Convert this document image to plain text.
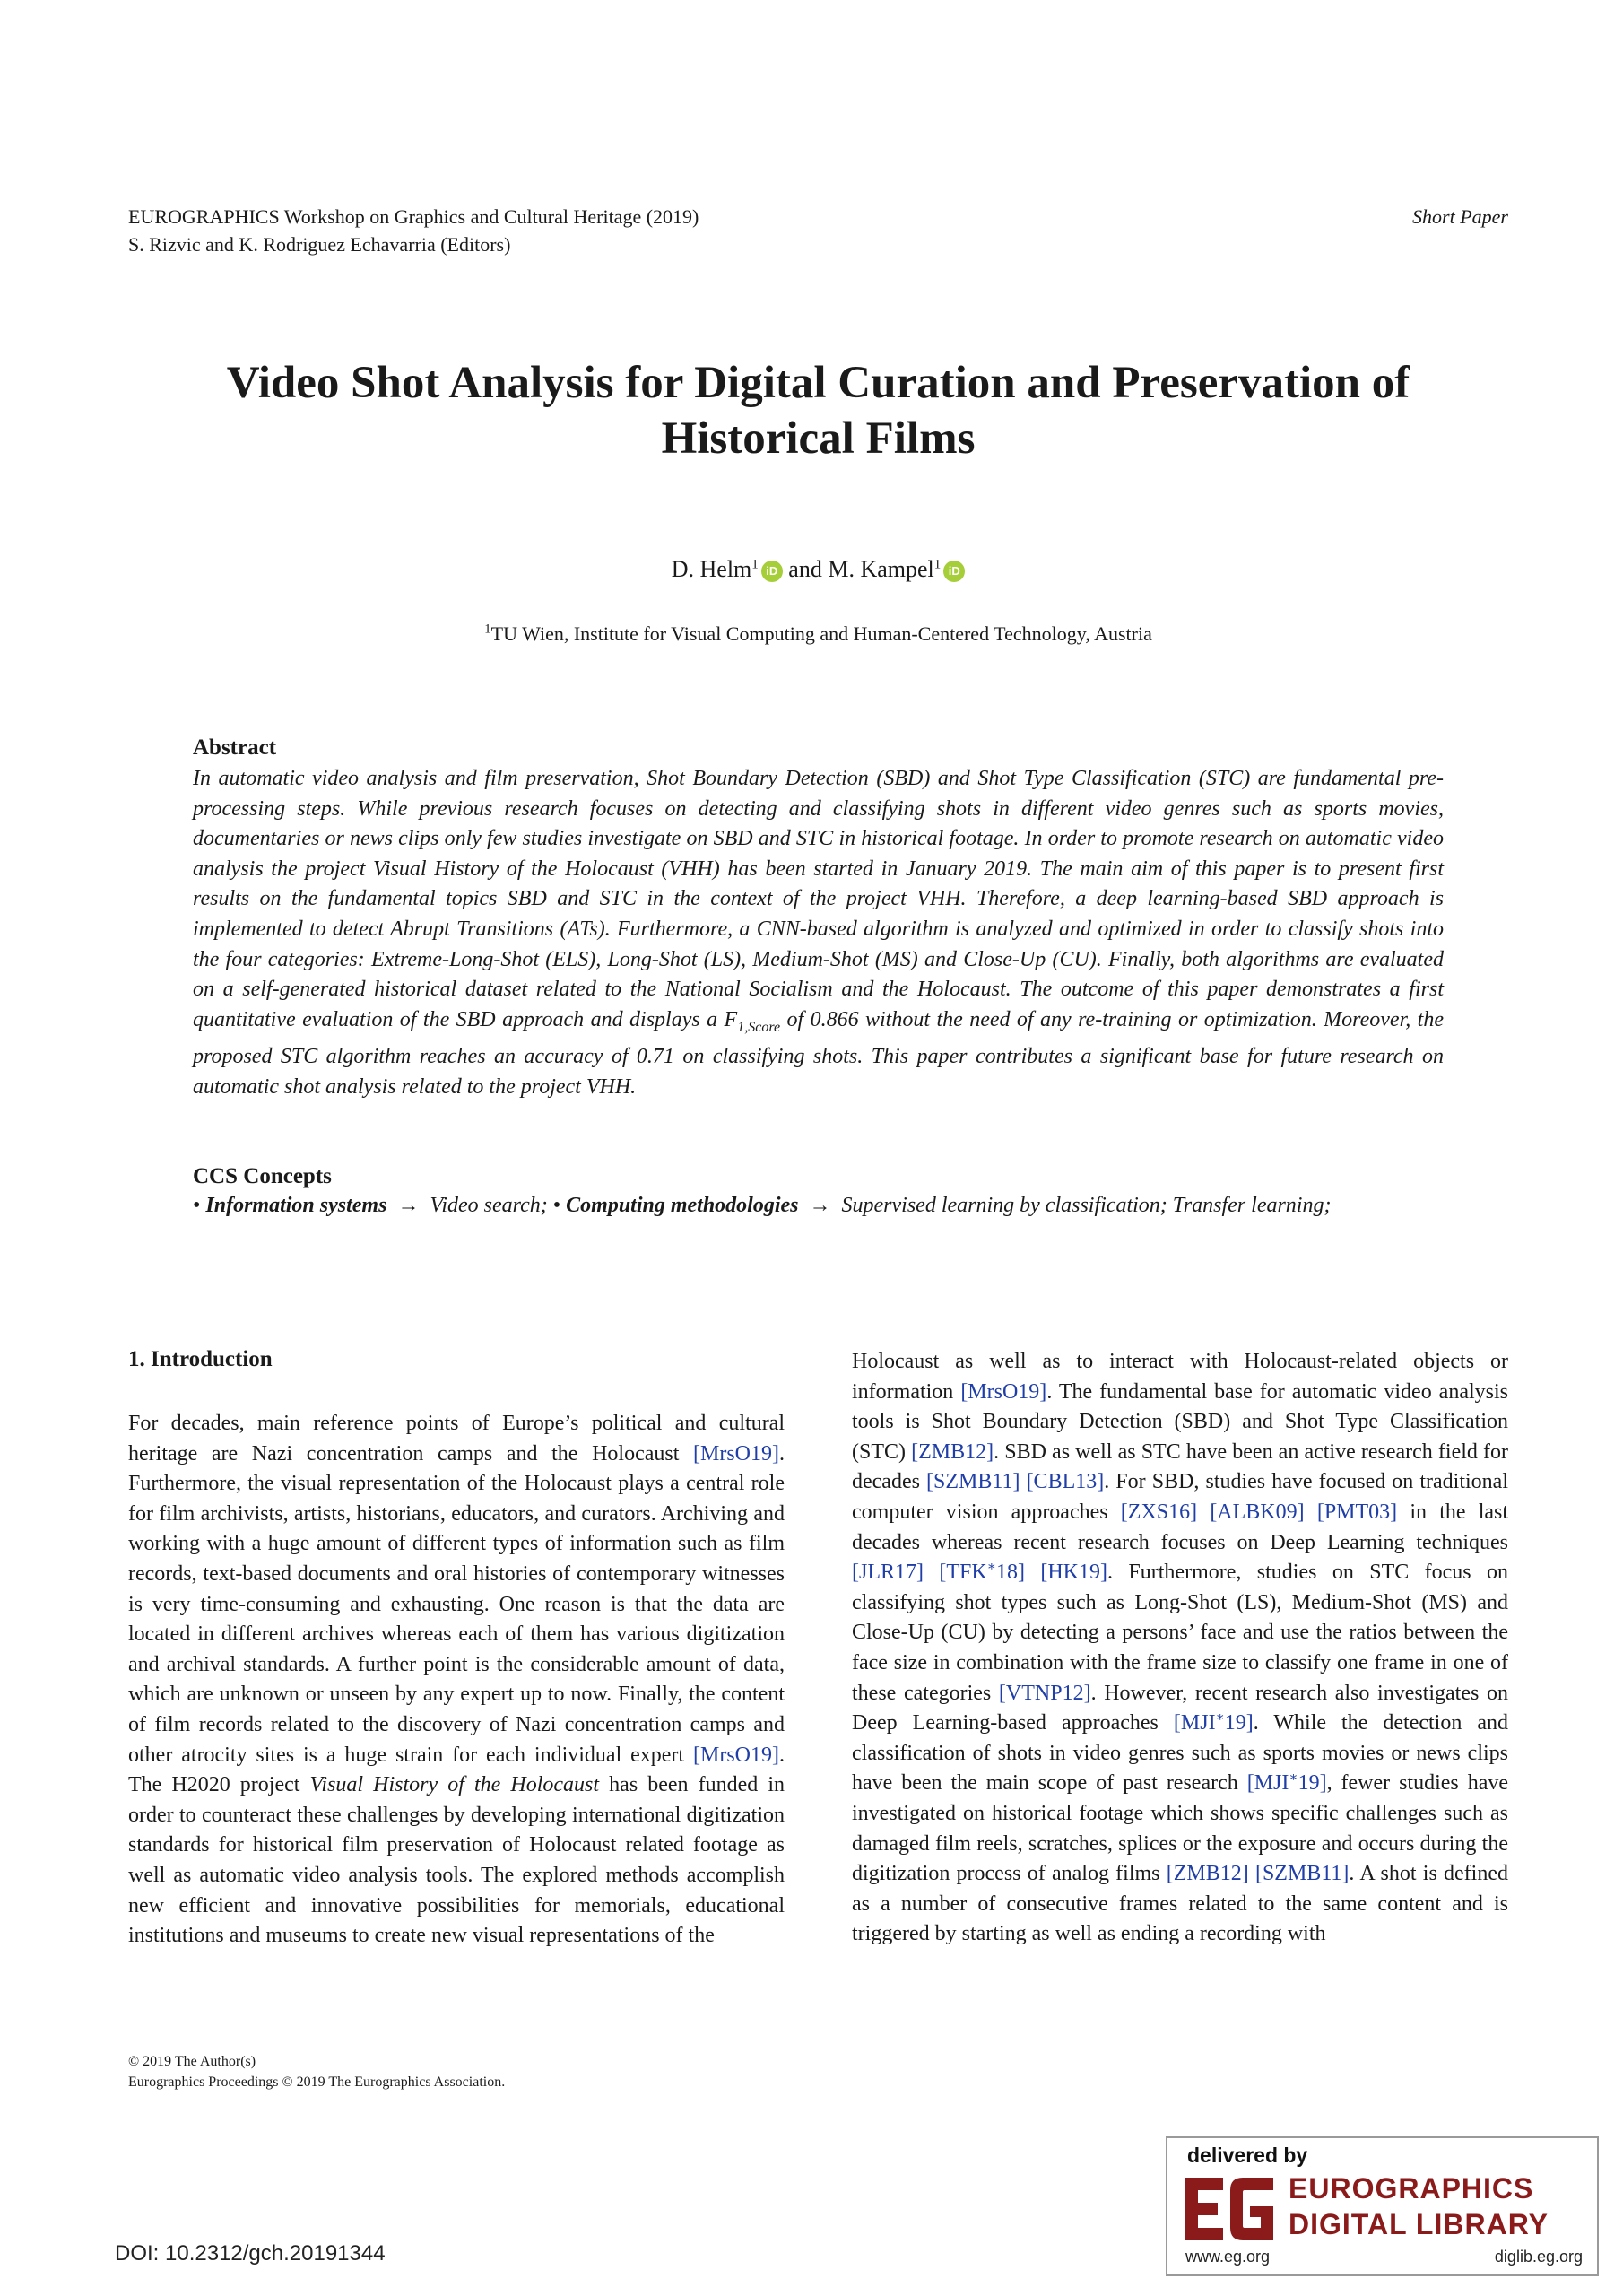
EUROGRAPHICS Workshop on Graphics and Cultural Heritage (2019)
S. Rizvic and K. Rodriguez Echavarria (Editors)
Short Paper
Video Shot Analysis for Digital Curation and Preservation of
Historical Films
D. Helm$^1$ iD and M. Kampel$^1$ iD
$^1$TU Wien, Institute for Visual Computing and Human-Centered Technology, Austria
Abstract
In automatic video analysis and film preservation, Shot Boundary Detection (SBD) and Shot Type Classification (STC) are fundamental pre-processing steps. While previous research focuses on detecting and classifying shots in different video genres such as sports movies, documentaries or news clips only few studies investigate on SBD and STC in historical footage. In order to promote research on automatic video analysis the project Visual History of the Holocaust (VHH) has been started in January 2019. The main aim of this paper is to present first results on the fundamental topics SBD and STC in the context of the project VHH. Therefore, a deep learning-based SBD approach is implemented to detect Abrupt Transitions (ATs). Furthermore, a CNN-based algorithm is analyzed and optimized in order to classify shots into the four categories: Extreme-Long-Shot (ELS), Long-Shot (LS), Medium-Shot (MS) and Close-Up (CU). Finally, both algorithms are evaluated on a self-generated historical dataset related to the National Socialism and the Holocaust. The outcome of this paper demonstrates a first quantitative evaluation of the SBD approach and displays a $F_{1,Score}$ of 0.866 without the need of any re-training or optimization. Moreover, the proposed STC algorithm reaches an accuracy of 0.71 on classifying shots. This paper contributes a significant base for future research on automatic shot analysis related to the project VHH.
CCS Concepts
• Information systems → Video search; • Computing methodologies → Supervised learning by classification; Transfer learning;
1. Introduction
For decades, main reference points of Europe’s political and cultural heritage are Nazi concentration camps and the Holocaust [MrsO19]. Furthermore, the visual representation of the Holocaust plays a central role for film archivists, artists, historians, educators, and curators. Archiving and working with a huge amount of different types of information such as film records, text-based documents and oral histories of contemporary witnesses is very time-consuming and exhausting. One reason is that the data are located in different archives whereas each of them has various digitization and archival standards. A further point is the considerable amount of data, which are unknown or unseen by any expert up to now. Finally, the content of film records related to the discovery of Nazi concentration camps and other atrocity sites is a huge strain for each individual expert [MrsO19]. The H2020 project Visual History of the Holocaust has been funded in order to counteract these challenges by developing international digitization standards for historical film preservation of Holocaust related footage as well as automatic video analysis tools. The explored methods accomplish new efficient and innovative possibilities for memorials, educational institutions and museums to create new visual representations of the
Holocaust as well as to interact with Holocaust-related objects or information [MrsO19]. The fundamental base for automatic video analysis tools is Shot Boundary Detection (SBD) and Shot Type Classification (STC) [ZMB12]. SBD as well as STC have been an active research field for decades [SZMB11] [CBL13]. For SBD, studies have focused on traditional computer vision approaches [ZXS16] [ALBK09] [PMT03] in the last decades whereas recent research focuses on Deep Learning techniques [JLR17] [TFK∗18] [HK19]. Furthermore, studies on STC focus on classifying shot types such as Long-Shot (LS), Medium-Shot (MS) and Close-Up (CU) by detecting a persons’ face and use the ratios between the face size in combination with the frame size to classify one frame in one of these categories [VTNP12]. However, recent research also investigates on Deep Learning-based approaches [MJI∗19]. While the detection and classification of shots in video genres such as sports movies or news clips have been the main scope of past research [MJI∗19], fewer studies have investigated on historical footage which shows specific challenges such as damaged film reels, scratches, splices or the exposure and occurs during the digitization process of analog films [ZMB12] [SZMB11]. A shot is defined as a number of consecutive frames related to the same content and is triggered by starting as well as ending a recording with
© 2019 The Author(s)
Eurographics Proceedings © 2019 The Eurographics Association.
DOI: 10.2312/gch.20191344
delivered by
EUROGRAPHICS
DIGITAL LIBRARY
www.eg.org	diglib.eg.org
